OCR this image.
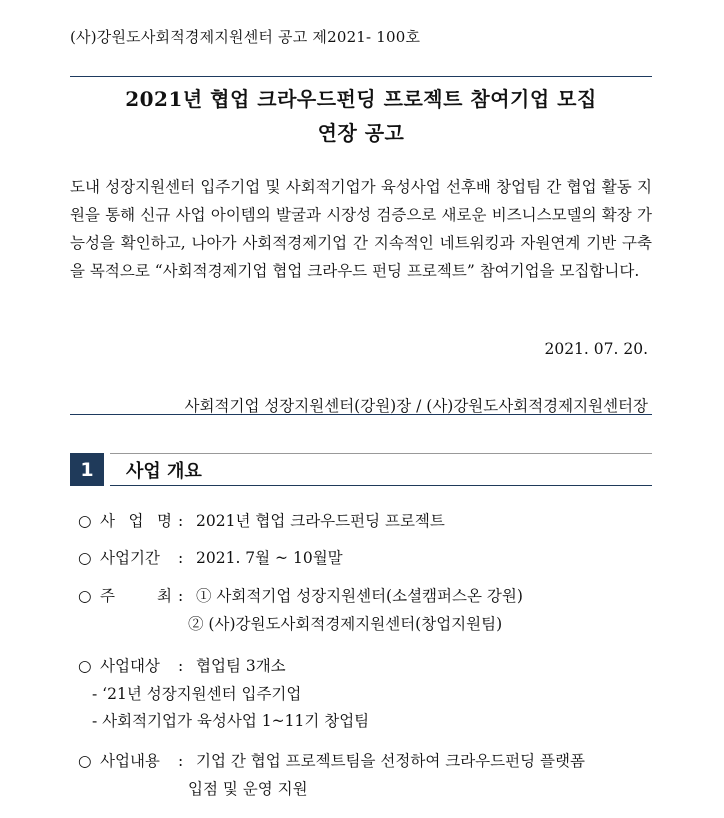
(사)강원도사회적경제지원센터 공고 제2021- 100호
2021년 협업 크라우드펀딩 프로젝트 참여기업 모집
연장 공고
도내 성장지원센터 입주기업 및 사회적기업가 육성사업 선후배 창업팀 간 협업 활동 지원을 통해 신규 사업 아이템의 발굴과 시장성 검증으로 새로운 비즈니스모델의 확장 가능성을 확인하고, 나아가 사회적경제기업 간 지속적인 네트워킹과 자원연계 기반 구축을 목적으로 “사회적경제기업 협업 크라우드 펀딩 프로젝트” 참여기업을 모집합니다.
2021. 07. 20.
사회적기업 성장지원센터(강원)장 / (사)강원도사회적경제지원센터장
1	사업 개요
○ 사 업 명 : 2021년 협업 크라우드펀딩 프로젝트
○ 사업기간 : 2021. 7월 ~ 10월말
○ 주	최 : ① 사회적기업 성장지원센터(소셜캠퍼스온 강원)
② (사)강원도사회적경제지원센터(창업지원팀)
○ 사업대상 : 협업팀 3개소
- ‘21년 성장지원센터 입주기업
- 사회적기업가 육성사업 1~11기 창업팀
○ 사업내용 : 기업 간 협업 프로젝트팀을 선정하여 크라우드펀딩 플랫폼
입점 및 운영 지원
